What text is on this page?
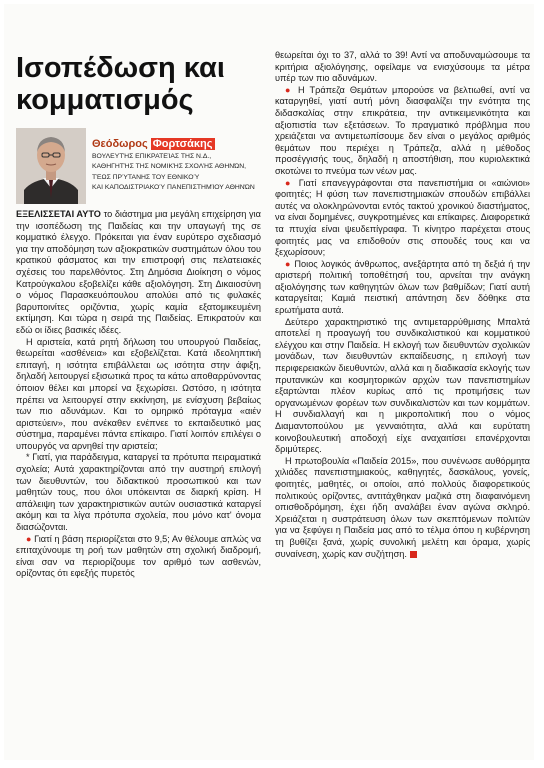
Ισοπέδωση και κομματισμός
Θεόδωρος Φορτσάκης
ΒΟΥΛΕΥΤΉΣ ΕΠΙΚΡΑΤΕΊΑΣ ΤΗΣ Ν.Δ.,
ΚΑΘΗΓΗΤΉΣ ΤΗΣ ΝΟΜΙΚΉΣ ΣΧΟΛΉΣ ΑΘΗΝΏΝ,
ΤΈΩΣ ΠΡΎΤΑΝΗΣ ΤΟΥ ΕΘΝΙΚΟΎ
ΚΑΙ ΚΑΠΟΔΙΣΤΡΙΑΚΟΎ ΠΑΝΕΠΙΣΤΗΜΊΟΥ ΑΘΗΝΏΝ

ΕΞΕΛΙΣΣΕΤΑΙ ΑΥΤΟ το διάστημα μια μεγάλη επιχείρηση για την ισοπέδωση της Παιδείας και την υπαγωγή της σε κομματικό έλεγχο. Πρόκειται για έναν ευρύτερο σχεδιασμό για την αποδόμηση των αξιοκρατικών συστημάτων όλου του κρατικού φάσματος και την επιστροφή στις πελατειακές σχέσεις του παρελθόντος. Στη Δημόσια Διοίκηση ο νόμος Κατρούγκαλου εξοβελίζει κάθε αξιολόγηση. Στη Δικαιοσύνη ο νόμος Παρασκευόπουλου απολύει από τις φυλακές βαρυποινίτες οριζόντια, χωρίς καμία εξατομικευμένη εκτίμηση. Και τώρα η σειρά της Παιδείας. Επικρατούν και εδώ οι ίδιες βασικές ιδέες.

Η αριστεία, κατά ρητή δήλωση του υπουργού Παιδείας, θεωρείται «ασθένεια» και εξοβελίζεται. Κατά ιδεοληπτική επιταγή, η ισότητα επιβάλλεται ως ισότητα στην άφιξη, δηλαδή λειτουργεί εξισωτικά προς τα κάτω αποθαρρύνοντας όποιον θέλει και μπορεί να ξεχωρίσει. Ωστόσο, η ισότητα πρέπει να λειτουργεί στην εκκίνηση, με ενίσχυση βεβαίως των πιο αδυνάμων. Και το ομηρικό πρόταγμα «αιέν αριστεύειν», που ανέκαθεν ενέπνεε το εκπαιδευτικό μας σύστημα, παραμένει πάντα επίκαιρο. Γιατί λοιπόν επιλέγει ο υπουργός να αρνηθεί την αριστεία;

* Γιατί, για παράδειγμα, καταργεί τα πρότυπα πειραματικά σχολεία; Αυτά χαρακτηρίζονται από την αυστηρή επιλογή των διευθυντών, του διδακτικού προσωπικού και των μαθητών τους, που όλοι υπόκεινται σε διαρκή κρίση. Η απάλειψη των χαρακτηριστικών αυτών ουσιαστικά καταργεί ακόμη και τα λίγα πρότυπα σχολεία, που μόνο κατ' όνομα διασώζονται.

● Γιατί η βάση περιορίζεται στο 9,5; Αν θέλουμε απλώς να επιταχύνουμε τη ροή των μαθητών στη σχολική διαδρομή, είναι σαν να περιορίζουμε τον αριθμό των ασθενών, ορίζοντας ότι εφεξής πυρετός

θεωρείται όχι το 37, αλλά το 39! Αντί να αποδυναμώσουμε τα κριτήρια αξιολόγησης, οφείλαμε να ενισχύσουμε τα μέτρα υπέρ των πιο αδυνάμων.

● Η Τράπεζα Θεμάτων μπορούσε να βελτιωθεί, αντί να καταργηθεί, γιατί αυτή μόνη διασφαλίζει την ενότητα της διδασκαλίας στην επικράτεια, την αντικειμενικότητα και αξιοπιστία των εξετάσεων. Το πραγματικό πρόβλημα που χρειάζεται να αντιμετωπίσουμε δεν είναι ο μεγάλος αριθμός θεμάτων που περιέχει η Τράπεζα, αλλά η μέθοδος προσέγγισής τους, δηλαδή η αποστήθιση, που κυριολεκτικά σκοτώνει το πνεύμα των νέων μας.

● Γιατί επανεγγράφονται στα πανεπιστήμια οι «αιώνιοι» φοιτητές; Η φύση των πανεπιστημιακών σπουδών επιβάλλει αυτές να ολοκληρώνονται εντός τακτού χρονικού διαστήματος, να είναι δομημένες, συγκροτημένες και επίκαιρες. Διαφορετικά τα πτυχία είναι ψευδεπίγραφα. Τι κίνητρο παρέχεται στους φοιτητές μας να επιδοθούν στις σπουδές τους και να ξεχωρίσουν;

● Ποιος λογικός άνθρωπος, ανεξάρτητα από τη δεξιά ή την αριστερή πολιτική τοποθέτησή του, αρνείται την ανάγκη αξιολόγησης των καθηγητών όλων των βαθμίδων; Γιατί αυτή καταργείται; Καμιά πειστική απάντηση δεν δόθηκε στα ερωτήματα αυτά.

Δεύτερο χαρακτηριστικό της αντιμεταρρύθμισης Μπαλτά αποτελεί η προαγωγή του συνδικαλιστικού και κομματικού ελέγχου και στην Παιδεία. Η εκλογή των διευθυντών σχολικών μονάδων, των διευθυντών εκπαίδευσης, η επιλογή των περιφερειακών διευθυντών, αλλά και η διαδικασία εκλογής των πρυτανικών και κοσμητορικών αρχών των πανεπιστημίων εξαρτώνται πλέον κυρίως από τις προτιμήσεις των οργανωμένων φορέων των συνδικαλιστών και των κομμάτων. Η συνδιαλλαγή και η μικροπολιτική που ο νόμος Διαμαντοπούλου με γενναιότητα, αλλά και ευρύτατη κοινοβουλευτική αποδοχή είχε αναχαιτίσει επανέρχονται δριμύτερες.

Η πρωτοβουλία «Παιδεία 2015», που συνένωσε αυθόρμητα χιλιάδες πανεπιστημιακούς, καθηγητές, δασκάλους, γονείς, φοιτητές, μαθητές, οι οποίοι, από πολλούς διαφορετικούς πολιτικούς ορίζοντες, αντιτάχθηκαν μαζικά στη διαφαινόμενη οπισθοδρόμηση, έχει ήδη αναλάβει έναν αγώνα σκληρό. Χρειάζεται η συστράτευση όλων των σκεπτόμενων πολιτών για να ξεφύγει η Παιδεία μας από το τέλμα όπου η κυβέρνηση τη βυθίζει ξανά, χωρίς συνολική μελέτη και όραμα, χωρίς συναίνεση, χωρίς καν συζήτηση.
